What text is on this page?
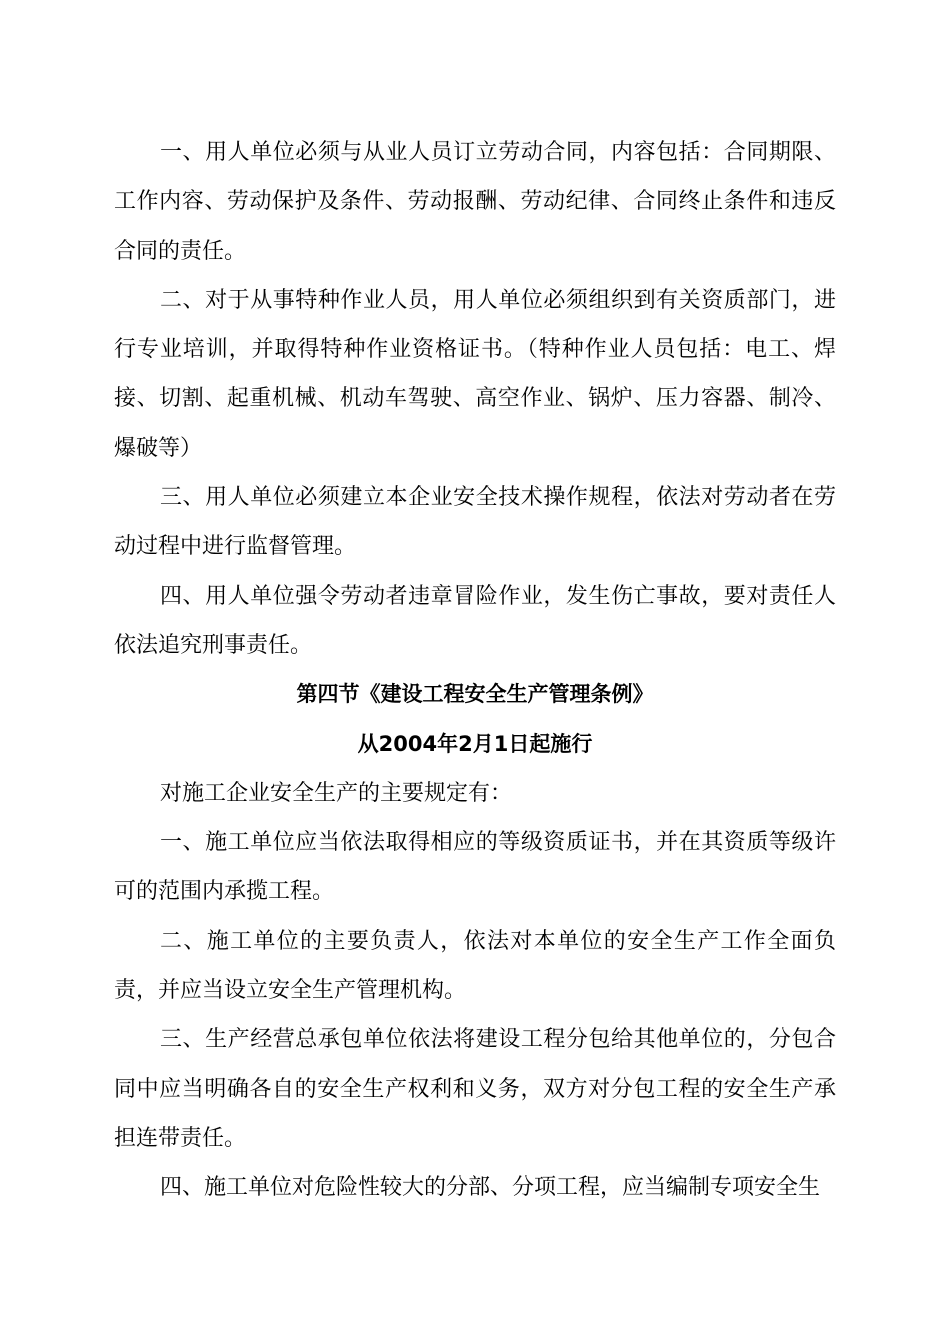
一、用人单位必须与从业人员订立劳动合同，内容包括：合同期限、工作内容、劳动保护及条件、劳动报酬、劳动纪律、合同终止条件和违反合同的责任。

二、对于从事特种作业人员，用人单位必须组织到有关资质部门，进行专业培训，并取得特种作业资格证书。（特种作业人员包括：电工、焊接、切割、起重机械、机动车驾驶、高空作业、锅炉、压力容器、制冷、爆破等）

三、用人单位必须建立本企业安全技术操作规程，依法对劳动者在劳动过程中进行监督管理。

四、用人单位强令劳动者违章冒险作业，发生伤亡事故，要对责任人依法追究刑事责任。

第四节《建设工程安全生产管理条例》

从2004年2月1日起施行

对施工企业安全生产的主要规定有：

一、施工单位应当依法取得相应的等级资质证书，并在其资质等级许可的范围内承揽工程。

二、施工单位的主要负责人，依法对本单位的安全生产工作全面负责，并应当设立安全生产管理机构。

三、生产经营总承包单位依法将建设工程分包给其他单位的，分包合同中应当明确各自的安全生产权利和义务，双方对分包工程的安全生产承担连带责任。

四、施工单位对危险性较大的分部、分项工程，应当编制专项安全生
